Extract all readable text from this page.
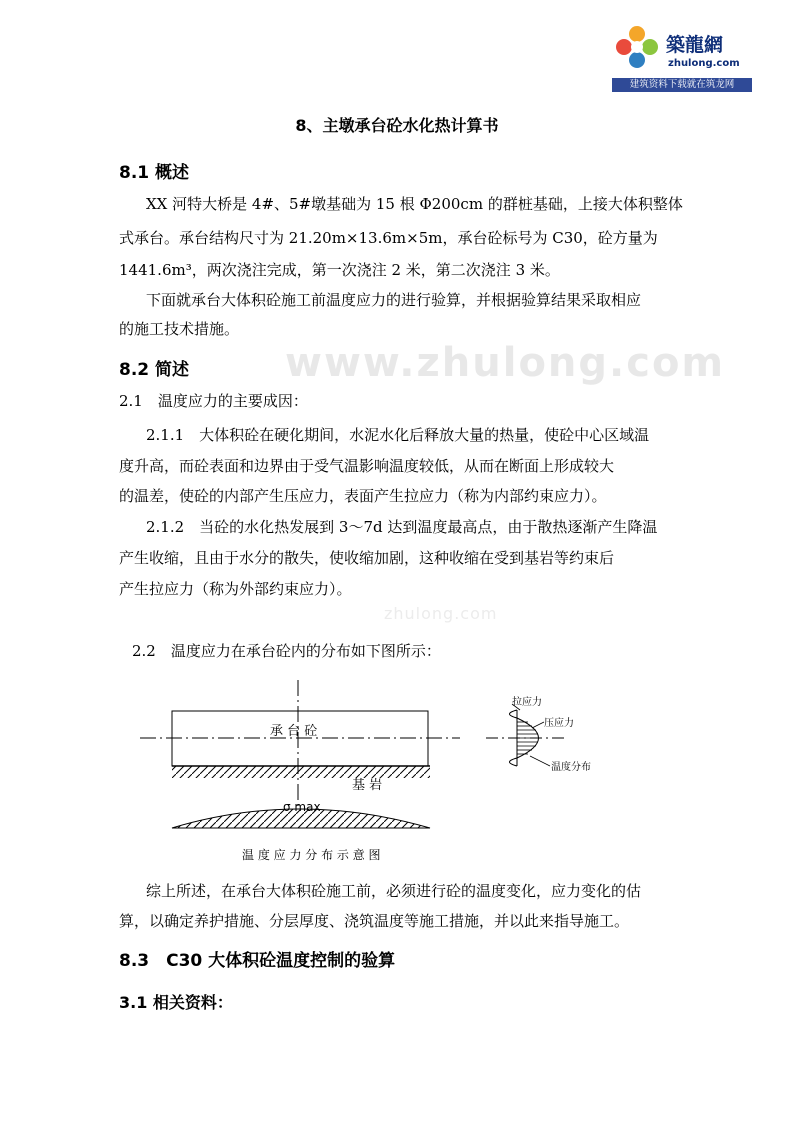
築龍網
zhulong.com
建筑资料下载就在筑龙网
8、主墩承台砼水化热计算书
8.1 概述
XX 河特大桥是 4#、5#墩基础为 15 根 Φ200cm 的群桩基础，上接大体积整体
式承台。承台结构尺寸为 21.20m×13.6m×5m，承台砼标号为 C30，砼方量为
1441.6m³，两次浇注完成，第一次浇注 2 米，第二次浇注 3 米。
下面就承台大体积砼施工前温度应力的进行验算，并根据验算结果采取相应
的施工技术措施。
www.zhulong.com
8.2 简述
2.1　温度应力的主要成因：
2.1.1　大体积砼在硬化期间，水泥水化后释放大量的热量，使砼中心区域温
度升高，而砼表面和边界由于受气温影响温度较低，从而在断面上形成较大
的温差，使砼的内部产生压应力，表面产生拉应力（称为内部约束应力）。
2.1.2　当砼的水化热发展到 3～7d 达到温度最高点，由于散热逐渐产生降温
产生收缩，且由于水分的散失，使收缩加剧，这种收缩在受到基岩等约束后
产生拉应力（称为外部约束应力）。
zhulong.com
2.2　温度应力在承台砼内的分布如下图所示：
承 台 砼
基 岩
σ max
拉应力
压应力
温度分布
温 度 应 力 分 布 示 意 图
综上所述，在承台大体积砼施工前，必须进行砼的温度变化，应力变化的估
算，以确定养护措施、分层厚度、浇筑温度等施工措施，并以此来指导施工。
8.3　C30 大体积砼温度控制的验算
3.1 相关资料：
